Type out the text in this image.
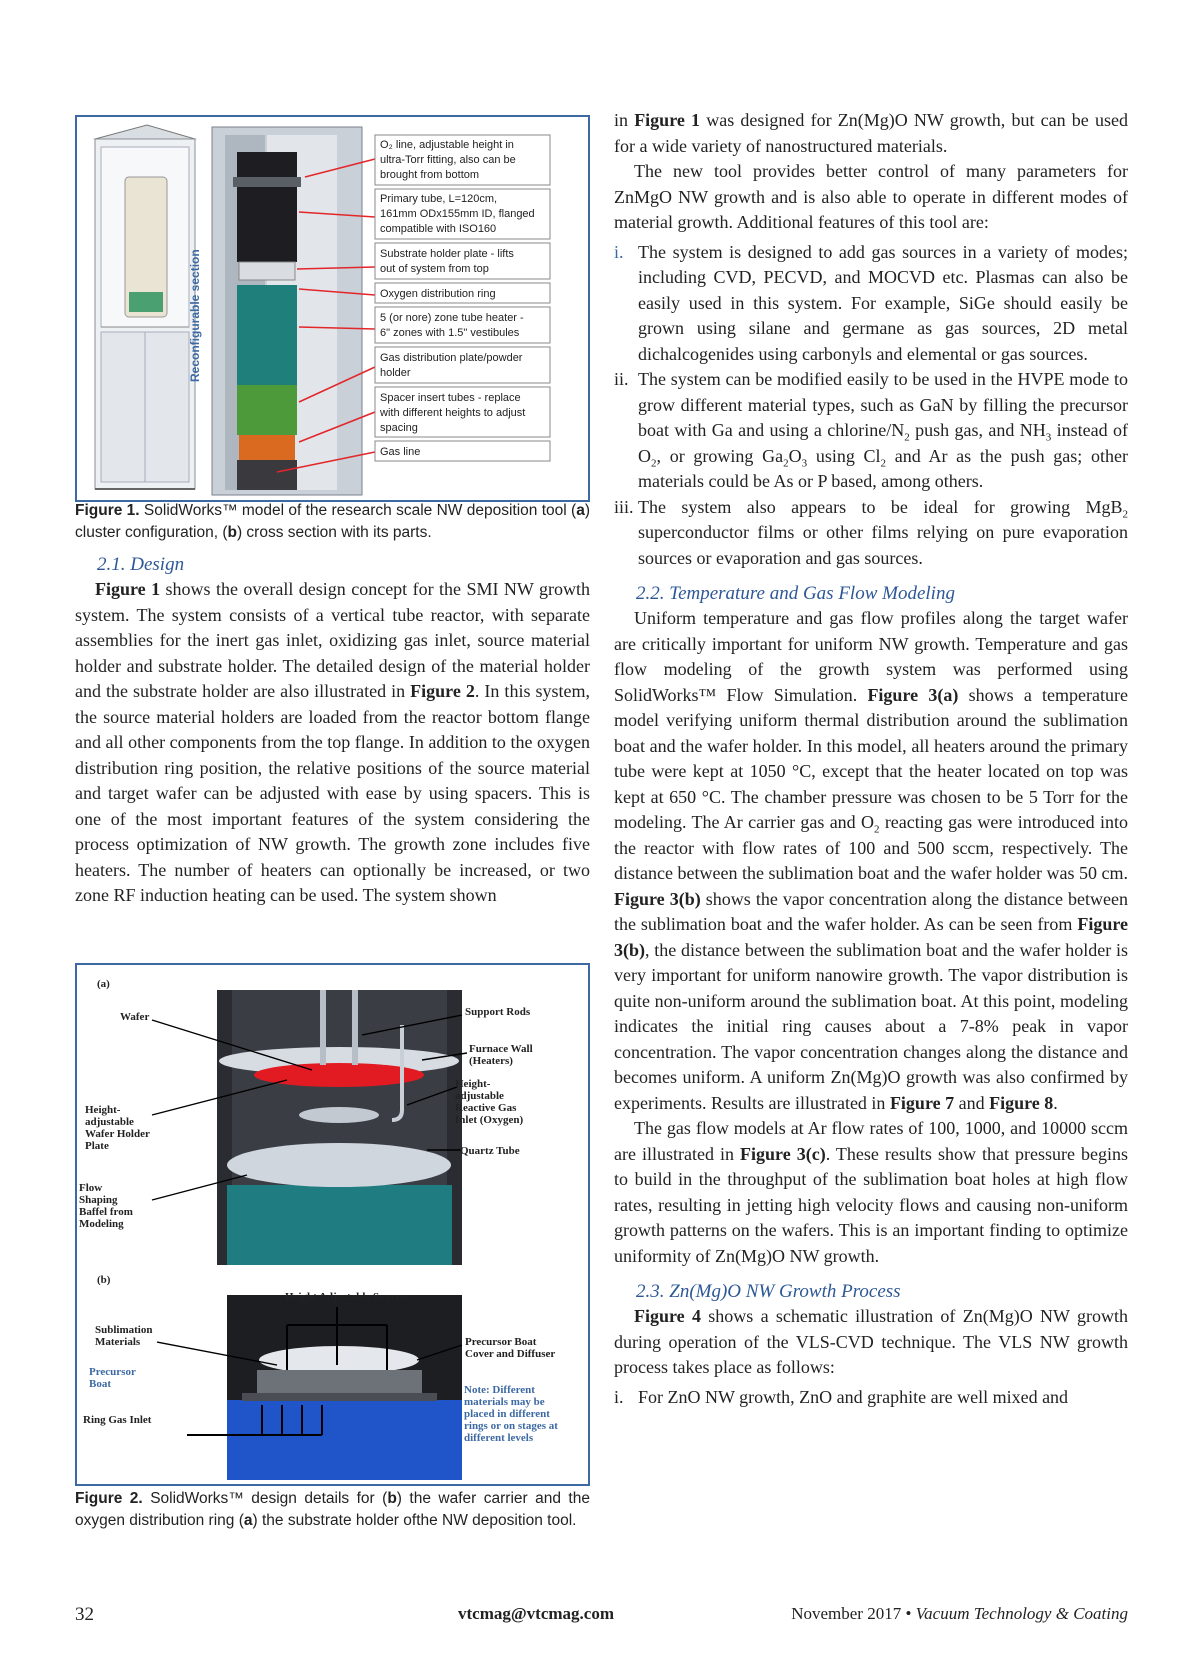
Reconfigurable section
O₂ line, adjustable height in
ultra-Torr fitting, also can be
brought from bottom
Primary tube, L=120cm,
161mm ODx155mm ID, flanged
compatible with ISO160
Substrate holder plate - lifts
out of system from top
Oxygen distribution ring
5 (or nore) zone tube heater -
6" zones with 1.5" vestibules
Gas distribution plate/powder
holder
Spacer insert tubes - replace
with different heights to adjust
spacing
Gas line
Figure 1. SolidWorks™ model of the research scale NW deposition tool (a) cluster configuration, (b) cross section with its parts.
2.1. Design

Figure 1 shows the overall design concept for the SMI NW growth system. The system consists of a vertical tube reactor, with separate assemblies for the inert gas inlet, oxidizing gas inlet, source material holder and substrate holder. The detailed design of the material holder and the substrate holder are also illustrated in Figure 2. In this system, the source material holders are loaded from the reactor bottom flange and all other components from the top flange. In addition to the oxygen distribution ring position, the relative positions of the source material and target wafer can be adjusted with ease by using spacers. This is one of the most important features of the system considering the process optimization of NW growth. The growth zone includes five heaters. The number of heaters can optionally be increased, or two zone RF induction heating can be used. The system shown

(a)
Wafer	Support Rods
Furnace Wall
(Heaters)
Height-
adjustable
Reactive Gas
Inlet (Oxygen)
Quartz Tube
Height-
adjustable
Wafer Holder
Plate
Flow
Shaping
Baffel from
Modeling
(b)
Height Adjustable Sources
Sublimation
Materials
Precursor
Boat
Ring Gas Inlet
Precursor Boat
Cover and Diffuser
Note: Different
materials may be
placed in different
rings or on stages at
different levels
Figure 2. SolidWorks™ design details for (b) the wafer carrier and the oxygen distribution ring (a) the substrate holder ofthe NW deposition tool.

in Figure 1 was designed for Zn(Mg)O NW growth, but can be used for a wide variety of nanostructured materials.

The new tool provides better control of many parameters for ZnMgO NW growth and is also able to operate in different modes of material growth. Additional features of this tool are:

i. The system is designed to add gas sources in a variety of modes; including CVD, PECVD, and MOCVD etc. Plasmas can also be easily used in this system. For example, SiGe should easily be grown using silane and germane as gas sources, 2D metal dichalcogenides using carbonyls and elemental or gas sources.
ii. The system can be modified easily to be used in the HVPE mode to grow different material types, such as GaN by filling the precursor boat with Ga and using a chlorine/$N_2$ push gas, and $NH_3$ instead of $O_2$, or growing $Ga_2O_3$ using $Cl_2$ and Ar as the push gas; other materials could be As or P based, among others.
iii. The system also appears to be ideal for growing MgB$_2$ superconductor films or other films relying on pure evaporation sources or evaporation and gas sources.
2.2. Temperature and Gas Flow Modeling

Uniform temperature and gas flow profiles along the target wafer are critically important for uniform NW growth. Temperature and gas flow modeling of the growth system was performed using SolidWorks™ Flow Simulation. Figure 3(a) shows a temperature model verifying uniform thermal distribution around the sublimation boat and the wafer holder. In this model, all heaters around the primary tube were kept at 1050 °C, except that the heater located on top was kept at 650 °C. The chamber pressure was chosen to be 5 Torr for the modeling. The Ar carrier gas and $O_2$ reacting gas were introduced into the reactor with flow rates of 100 and 500 sccm, respectively. The distance between the sublimation boat and the wafer holder was 50 cm. Figure 3(b) shows the vapor concentration along the distance between the sublimation boat and the wafer holder. As can be seen from Figure 3(b), the distance between the sublimation boat and the wafer holder is very important for uniform nanowire growth. The vapor distribution is quite non-uniform around the sublimation boat. At this point, modeling indicates the initial ring causes about a 7-8% peak in vapor concentration. The vapor concentration changes along the distance and becomes uniform. A uniform Zn(Mg)O growth was also confirmed by experiments. Results are illustrated in Figure 7 and Figure 8.

The gas flow models at Ar flow rates of 100, 1000, and 10000 sccm are illustrated in Figure 3(c). These results show that pressure begins to build in the throughput of the sublimation boat holes at high flow rates, resulting in jetting high velocity flows and causing non-uniform growth patterns on the wafers. This is an important finding to optimize uniformity of Zn(Mg)O NW growth.

2.3. Zn(Mg)O NW Growth Process

Figure 4 shows a schematic illustration of Zn(Mg)O NW growth during operation of the VLS-CVD technique. The VLS NW growth process takes place as follows:

i. For ZnO NW growth, ZnO and graphite are well mixed and
32	vtcmag@vtcmag.com	November 2017 • Vacuum Technology & Coating
